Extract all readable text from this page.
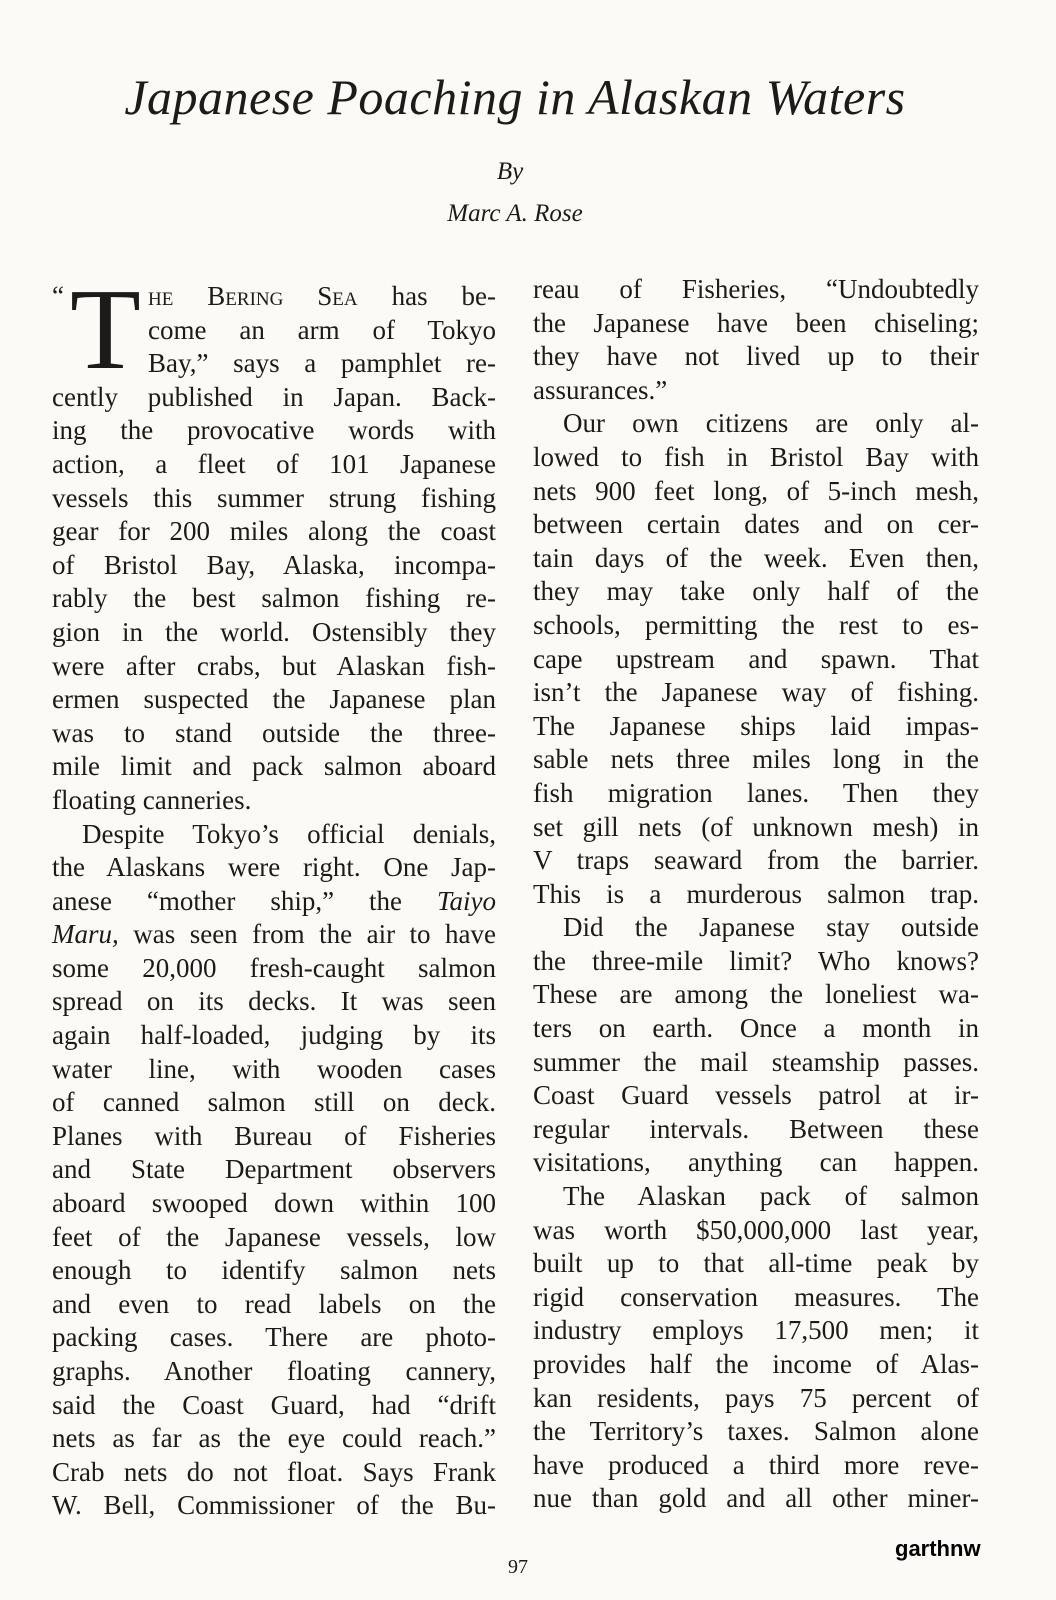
Japanese Poaching in Alaskan Waters
By
Marc A. Rose
“ T he Bering Sea has be-
come an arm of Tokyo
Bay,” says a pamphlet re-
cently published in Japan. Back-
ing the provocative words with
action, a fleet of 101 Japanese
vessels this summer strung fishing
gear for 200 miles along the coast
of Bristol Bay, Alaska, incompa-
rably the best salmon fishing re-
gion in the world. Ostensibly they
were after crabs, but Alaskan fish-
ermen suspected the Japanese plan
was to stand outside the three-
mile limit and pack salmon aboard
floating canneries.
Despite Tokyo’s official denials,
the Alaskans were right. One Jap-
anese “mother ship,” the Taiyo
Maru, was seen from the air to have
some 20,000 fresh-caught salmon
spread on its decks. It was seen
again half-loaded, judging by its
water line, with wooden cases
of canned salmon still on deck.
Planes with Bureau of Fisheries
and State Department observers
aboard swooped down within 100
feet of the Japanese vessels, low
enough to identify salmon nets
and even to read labels on the
packing cases. There are photo-
graphs. Another floating cannery,
said the Coast Guard, had “drift
nets as far as the eye could reach.”
Crab nets do not float. Says Frank
W. Bell, Commissioner of the Bu-
reau of Fisheries, “Undoubtedly
the Japanese have been chiseling;
they have not lived up to their
assurances.”
Our own citizens are only al-
lowed to fish in Bristol Bay with
nets 900 feet long, of 5-inch mesh,
between certain dates and on cer-
tain days of the week. Even then,
they may take only half of the
schools, permitting the rest to es-
cape upstream and spawn. That
isn’t the Japanese way of fishing.
The Japanese ships laid impas-
sable nets three miles long in the
fish migration lanes. Then they
set gill nets (of unknown mesh) in
V traps seaward from the barrier.
This is a murderous salmon trap.
Did the Japanese stay outside
the three-mile limit? Who knows?
These are among the loneliest wa-
ters on earth. Once a month in
summer the mail steamship passes.
Coast Guard vessels patrol at ir-
regular intervals. Between these
visitations, anything can happen.
The Alaskan pack of salmon
was worth $50,000,000 last year,
built up to that all-time peak by
rigid conservation measures. The
industry employs 17,500 men; it
provides half the income of Alas-
kan residents, pays 75 percent of
the Territory’s taxes. Salmon alone
have produced a third more reve-
nue than gold and all other miner-
97
garthnw
